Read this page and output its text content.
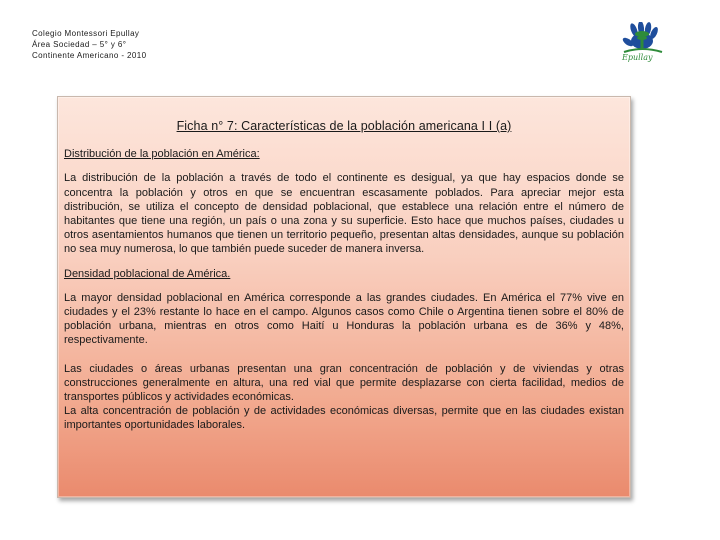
Colegio Montessori Epullay
Área Sociedad – 5° y 6°
Continente Americano - 2010	Epullay

Ficha n° 7: Características de la población americana I I (a)

Distribución de la población en América:

La distribución de la población a través de todo el continente es desigual, ya que hay espacios donde se concentra la población y otros en que se encuentran escasamente poblados. Para apreciar mejor esta distribución, se utiliza el concepto de densidad poblacional, que establece una relación entre el número de habitantes que tiene una región, un país o una zona y su superficie. Esto hace que muchos países, ciudades u otros asentamientos humanos que tienen un territorio pequeño, presentan altas densidades, aunque su población no sea muy numerosa, lo que también puede suceder de manera inversa.

Densidad poblacional de América.

La mayor densidad poblacional en América corresponde a las grandes ciudades. En América el 77% vive en ciudades y el 23% restante lo hace en el campo. Algunos casos como Chile o Argentina tienen sobre el 80% de población urbana, mientras en otros como Haití u Honduras la población urbana es de 36% y 48%, respectivamente.

Las ciudades o áreas urbanas presentan una gran concentración de población y de viviendas y otras construcciones generalmente en altura, una red vial que permite desplazarse con cierta facilidad, medios de transportes públicos y actividades económicas.

La alta concentración de población y de actividades económicas diversas, permite que en las ciudades existan importantes oportunidades laborales.
